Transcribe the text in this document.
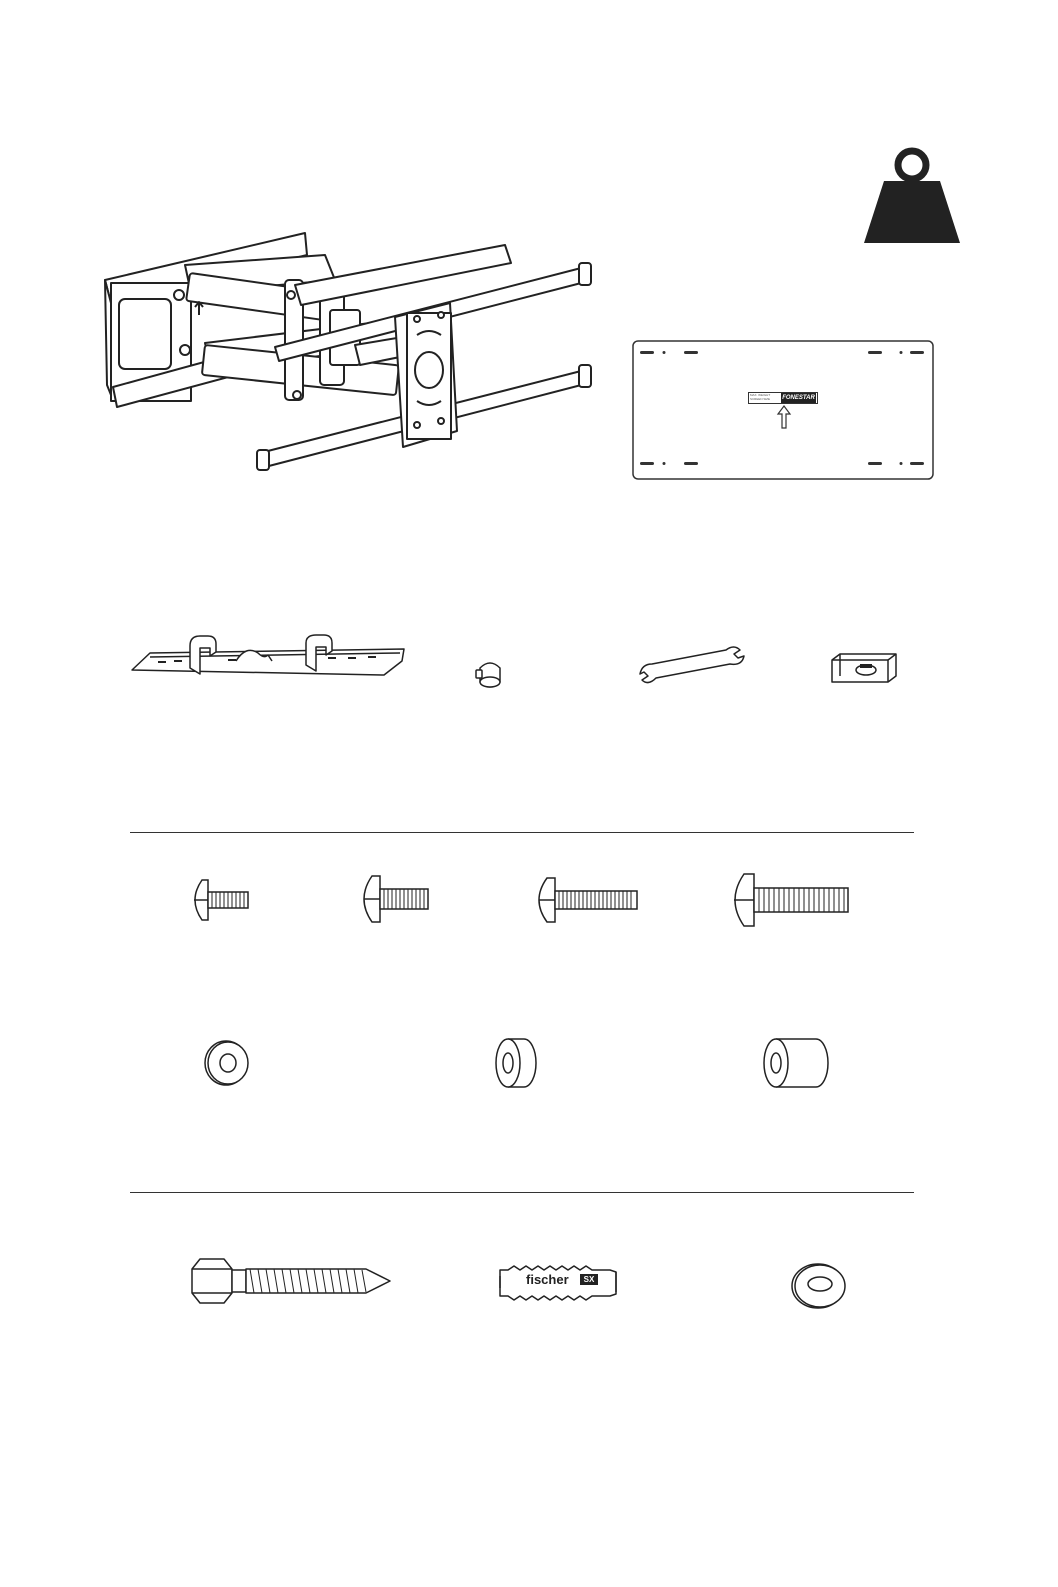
MAX. WEIGHT
SCREEN SIZE	FONESTAR
fischer	SX
